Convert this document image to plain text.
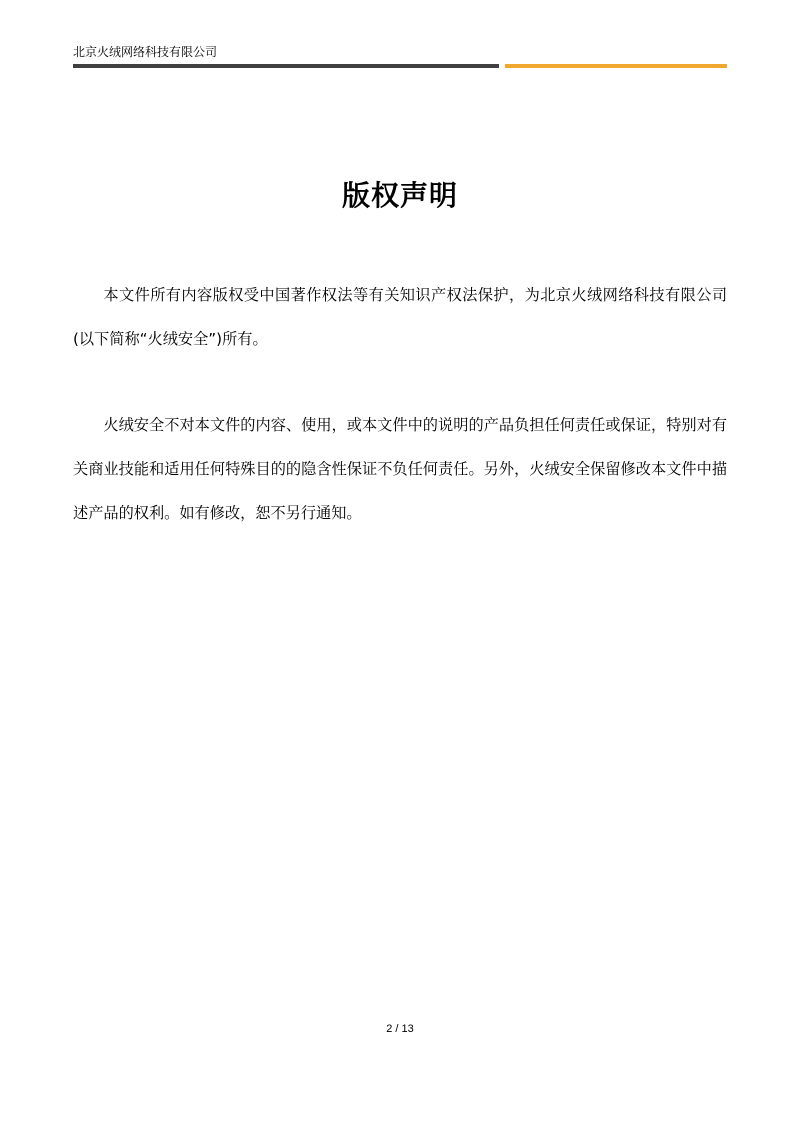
北京火绒网络科技有限公司
版权声明

本文件所有内容版权受中国著作权法等有关知识产权法保护，为北京火绒网络科技有限公司(以下简称“火绒安全”)所有。

火绒安全不对本文件的内容、使用，或本文件中的说明的产品负担任何责任或保证，特别对有关商业技能和适用任何特殊目的的隐含性保证不负任何责任。另外，火绒安全保留修改本文件中描述产品的权利。如有修改，恕不另行通知。

2 / 13
